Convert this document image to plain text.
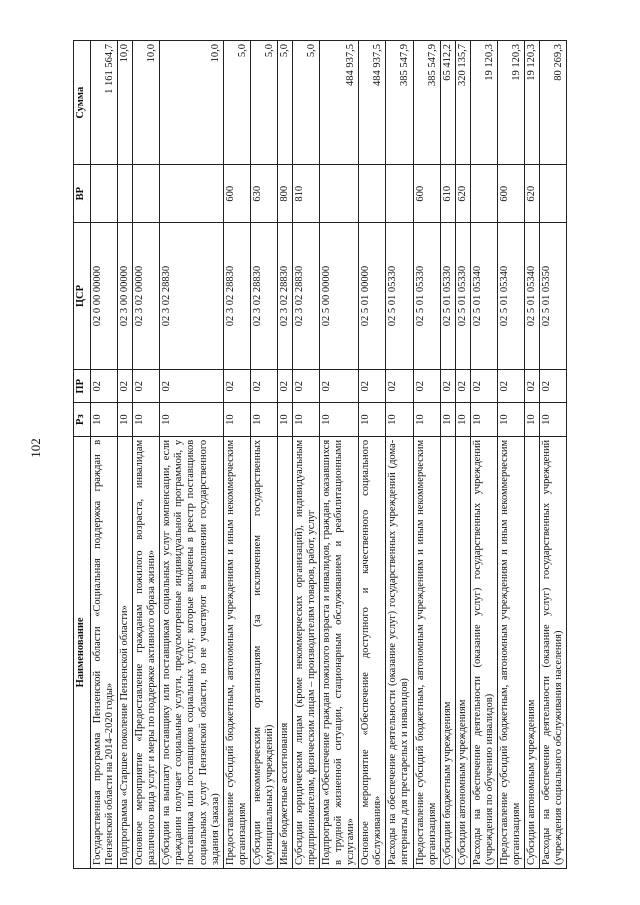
102
Наименование	Рз	ПР	ЦСР	ВР	Сумма
Государственная программа Пензенской области «Социальная поддержка граждан в Пензенской области на 2014–2020 годы»	10	02	02 0 00 00000		1 161 564,7
Подпрограмма «Старшее поколение Пензенской области»	10	02	02 3 00 00000		10,0
Основное мероприятие «Предоставление гражданам пожилого возраста, инвалидам различного вида услуг и меры по поддержке активного образа жизни»	10	02	02 3 02 00000		10,0
Субсидии на выплату поставщику или поставщикам социальных услуг компенсации, если гражданин получает социальные услуги, предусмотренные индивидуальной программой, у поставщика или поставщиков социальных услуг, которые включены в реестр поставщиков социальных услуг Пензенской области, но не участвуют в выполнении государственного задания (заказа)	10	02	02 3 02 28830		10,0
Предоставление субсидий бюджетным, автономным учреждениям и иным некоммерческим организациям	10	02	02 3 02 28830	600	5,0
Субсидии некоммерческим организациям (за исключением государственных (муниципальных) учреждений)	10	02	02 3 02 28830	630	5,0
Иные бюджетные ассигнования	10	02	02 3 02 28830	800	5,0
Субсидии юридическим лицам (кроме некоммерческих организаций), индивидуальным предпринимателям, физическим лицам – производителям товаров, работ, услуг	10	02	02 3 02 28830	810	5,0
Подпрограмма «Обеспечение граждан пожилого возраста и инвалидов, граждан, оказавшихся в трудной жизненной ситуации, стационарным обслуживанием и реабилитационными услугами»	10	02	02 5 00 00000		484 937,5
Основное мероприятие «Обеспечение доступного и качественного социального обслуживания»	10	02	02 5 01 00000		484 937,5
Расходы на обеспечение деятельности (оказание услуг) государственных учреждений (дома-интернаты для престарелых и инвалидов)	10	02	02 5 01 05330		385 547,9
Предоставление субсидий бюджетным, автономным учреждениям и иным некоммерческим организациям	10	02	02 5 01 05330	600	385 547,9
Субсидии бюджетным учреждениям	10	02	02 5 01 05330	610	65 412,2
Субсидии автономным учреждениям	10	02	02 5 01 05330	620	320 135,7
Расходы на обеспечение деятельности (оказание услуг) государственных учреждений (учреждения по обучению инвалидов)	10	02	02 5 01 05340		19 120,3
Предоставление субсидий бюджетным, автономным учреждениям и иным некоммерческим организациям	10	02	02 5 01 05340	600	19 120,3
Субсидии автономным учреждениям	10	02	02 5 01 05340	620	19 120,3
Расходы на обеспечение деятельности (оказание услуг) государственных учреждений (учреждения социального обслуживания населения)	10	02	02 5 01 05350		80 269,3
